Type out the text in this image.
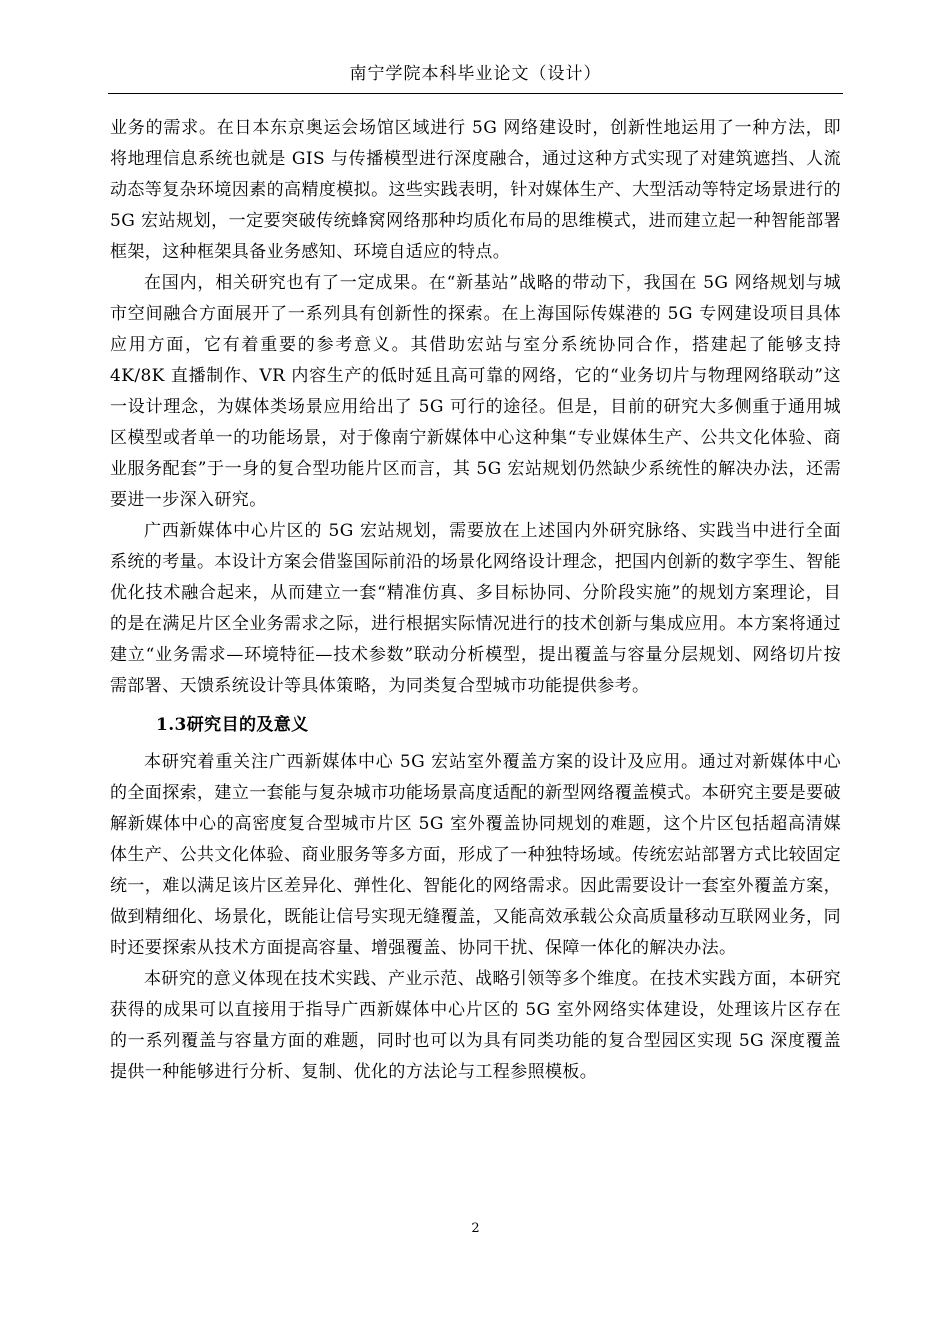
南宁学院本科毕业论文（设计）

业务的需求。在日本东京奥运会场馆区域进行 5G 网络建设时，创新性地运用了一种方法，即将地理信息系统也就是 GIS 与传播模型进行深度融合，通过这种方式实现了对建筑遮挡、人流动态等复杂环境因素的高精度模拟。这些实践表明，针对媒体生产、大型活动等特定场景进行的 5G 宏站规划，一定要突破传统蜂窝网络那种均质化布局的思维模式，进而建立起一种智能部署框架，这种框架具备业务感知、环境自适应的特点。

在国内，相关研究也有了一定成果。在“新基站”战略的带动下，我国在 5G 网络规划与城市空间融合方面展开了一系列具有创新性的探索。在上海国际传媒港的 5G 专网建设项目具体应用方面，它有着重要的参考意义。其借助宏站与室分系统协同合作，搭建起了能够支持 4K/8K 直播制作、VR 内容生产的低时延且高可靠的网络，它的“业务切片与物理网络联动”这一设计理念，为媒体类场景应用给出了 5G 可行的途径。但是，目前的研究大多侧重于通用城区模型或者单一的功能场景，对于像南宁新媒体中心这种集“专业媒体生产、公共文化体验、商业服务配套”于一身的复合型功能片区而言，其 5G 宏站规划仍然缺少系统性的解决办法，还需要进一步深入研究。

广西新媒体中心片区的 5G 宏站规划，需要放在上述国内外研究脉络、实践当中进行全面系统的考量。本设计方案会借鉴国际前沿的场景化网络设计理念，把国内创新的数字孪生、智能优化技术融合起来，从而建立一套“精准仿真、多目标协同、分阶段实施”的规划方案理论，目的是在满足片区全业务需求之际，进行根据实际情况进行的技术创新与集成应用。本方案将通过建立“业务需求—环境特征—技术参数”联动分析模型，提出覆盖与容量分层规划、网络切片按需部署、天馈系统设计等具体策略，为同类复合型城市功能提供参考。

1.3研究目的及意义

本研究着重关注广西新媒体中心 5G 宏站室外覆盖方案的设计及应用。通过对新媒体中心的全面探索，建立一套能与复杂城市功能场景高度适配的新型网络覆盖模式。本研究主要是要破解新媒体中心的高密度复合型城市片区 5G 室外覆盖协同规划的难题，这个片区包括超高清媒体生产、公共文化体验、商业服务等多方面，形成了一种独特场域。传统宏站部署方式比较固定统一，难以满足该片区差异化、弹性化、智能化的网络需求。因此需要设计一套室外覆盖方案，做到精细化、场景化，既能让信号实现无缝覆盖，又能高效承载公众高质量移动互联网业务，同时还要探索从技术方面提高容量、增强覆盖、协同干扰、保障一体化的解决办法。

本研究的意义体现在技术实践、产业示范、战略引领等多个维度。在技术实践方面，本研究获得的成果可以直接用于指导广西新媒体中心片区的 5G 室外网络实体建设，处理该片区存在的一系列覆盖与容量方面的难题，同时也可以为具有同类功能的复合型园区实现 5G 深度覆盖提供一种能够进行分析、复制、优化的方法论与工程参照模板。

2
